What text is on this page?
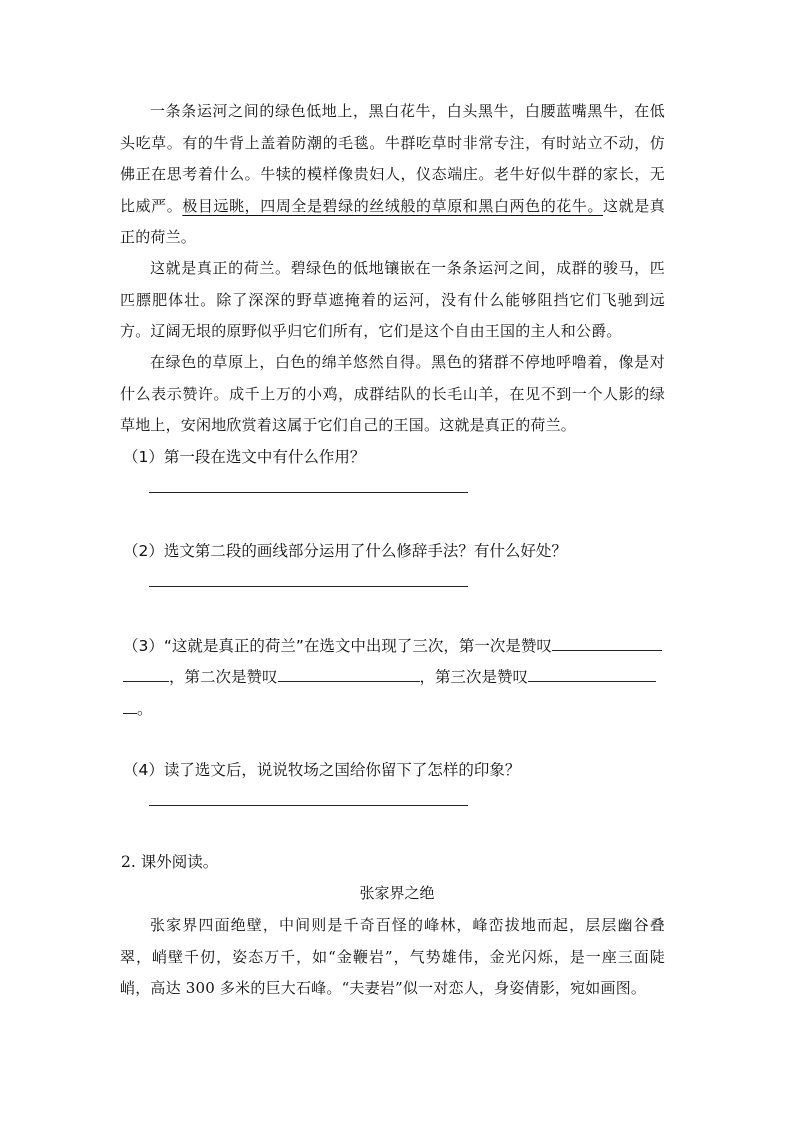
一条条运河之间的绿色低地上，黑白花牛，白头黑牛，白腰蓝嘴黑牛，在低头吃草。有的牛背上盖着防潮的毛毯。牛群吃草时非常专注，有时站立不动，仿佛正在思考着什么。牛犊的模样像贵妇人，仪态端庄。老牛好似牛群的家长，无比威严。极目远眺，四周全是碧绿的丝绒般的草原和黑白两色的花牛。这就是真正的荷兰。
这就是真正的荷兰。碧绿色的低地镶嵌在一条条运河之间，成群的骏马，匹匹膘肥体壮。除了深深的野草遮掩着的运河，没有什么能够阻挡它们飞驰到远方。辽阔无垠的原野似乎归它们所有，它们是这个自由王国的主人和公爵。
在绿色的草原上，白色的绵羊悠然自得。黑色的猪群不停地呼噜着，像是对什么表示赞许。成千上万的小鸡，成群结队的长毛山羊，在见不到一个人影的绿草地上，安闲地欣赏着这属于它们自己的王国。这就是真正的荷兰。
（1）第一段在选文中有什么作用？
（2）选文第二段的画线部分运用了什么修辞手法？有什么好处？
（3）“这就是真正的荷兰”在选文中出现了三次，第一次是赞叹
，第二次是赞叹	，第三次是赞叹
。
（4）读了选文后，说说牧场之国给你留下了怎样的印象？
2. 课外阅读。
张家界之绝
张家界四面绝壁，中间则是千奇百怪的峰林，峰峦拔地而起，层层幽谷叠翠，峭壁千仞，姿态万千，如“金鞭岩”，气势雄伟，金光闪烁，是一座三面陡峭，高达 300 多米的巨大石峰。“夫妻岩”似一对恋人，身姿倩影，宛如画图。
